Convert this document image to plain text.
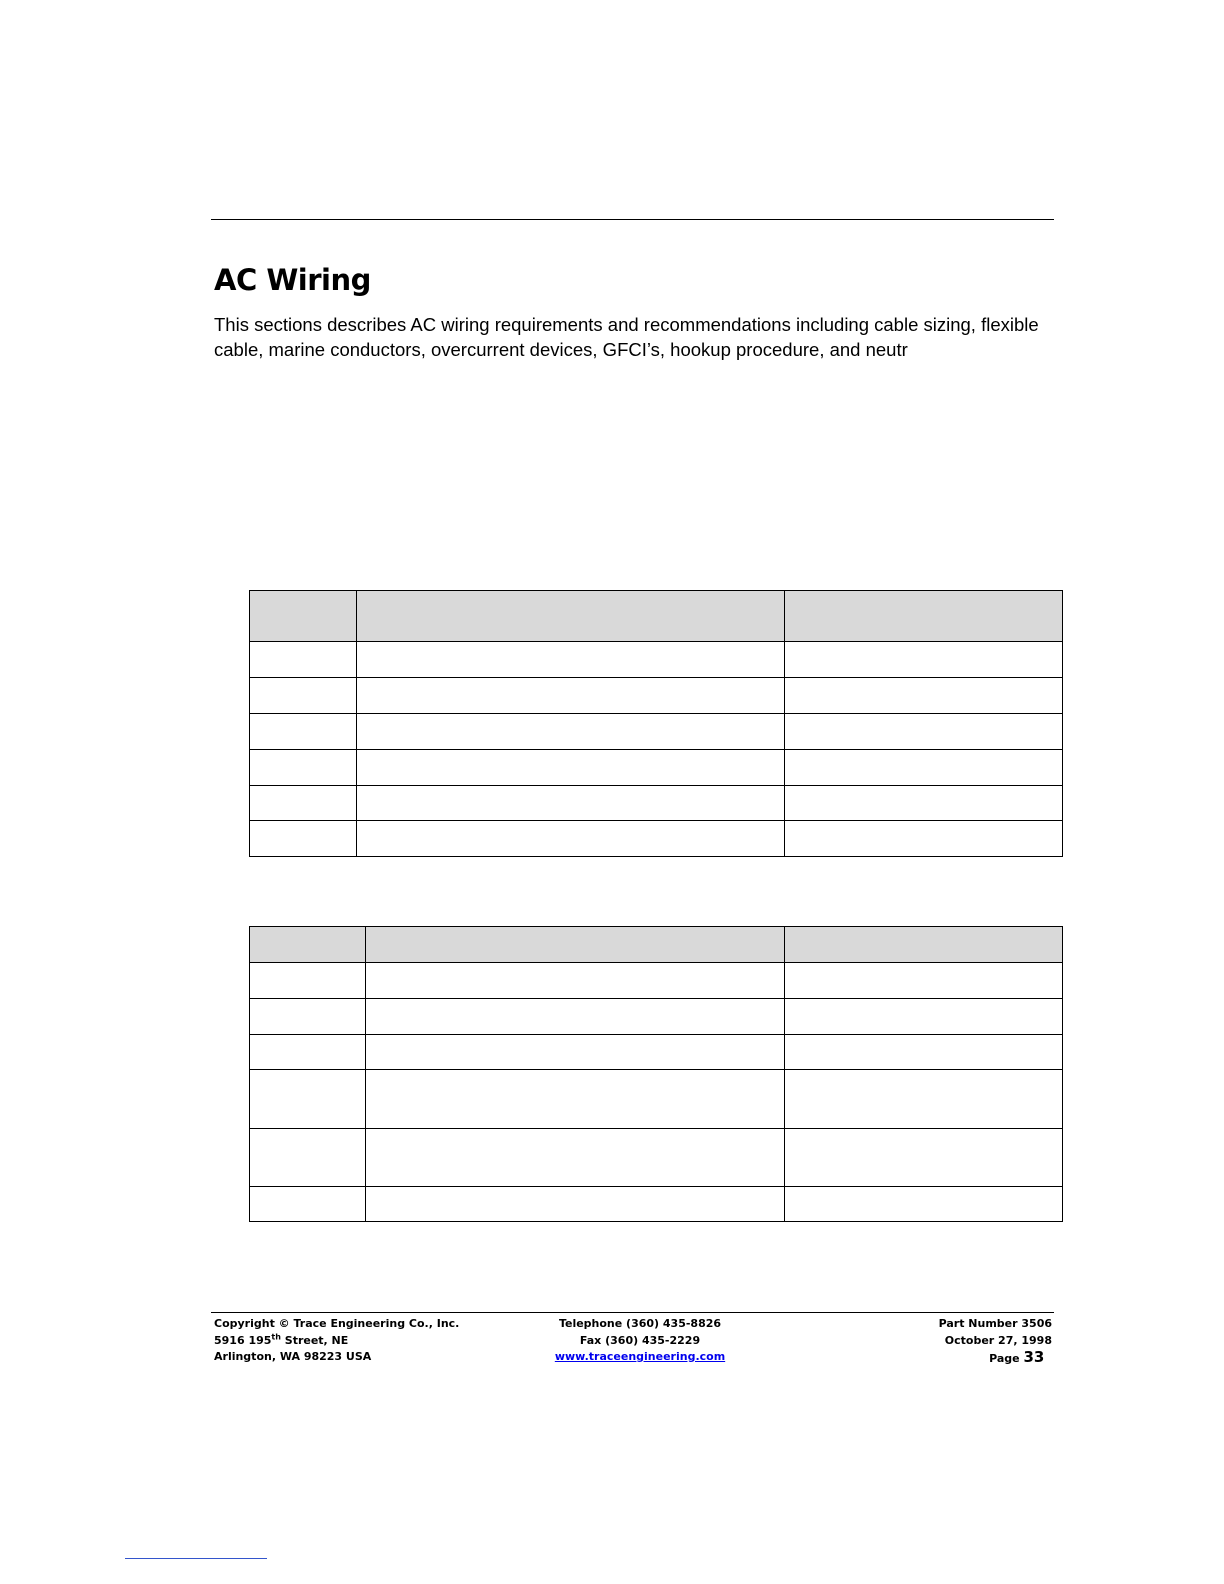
AC Wiring

This sections describes AC wiring requirements and recommendations including cable sizing, flexible
cable, marine conductors, overcurrent devices, GFCI’s, hookup procedure, and neutr

Copyright © Trace Engineering Co., Inc.
5916 195th Street, NE
Arlington, WA 98223 USA
Telephone (360) 435-8826
Fax (360) 435-2229
www.traceengineering.com
Part Number 3506
October 27, 1998
Page 33
